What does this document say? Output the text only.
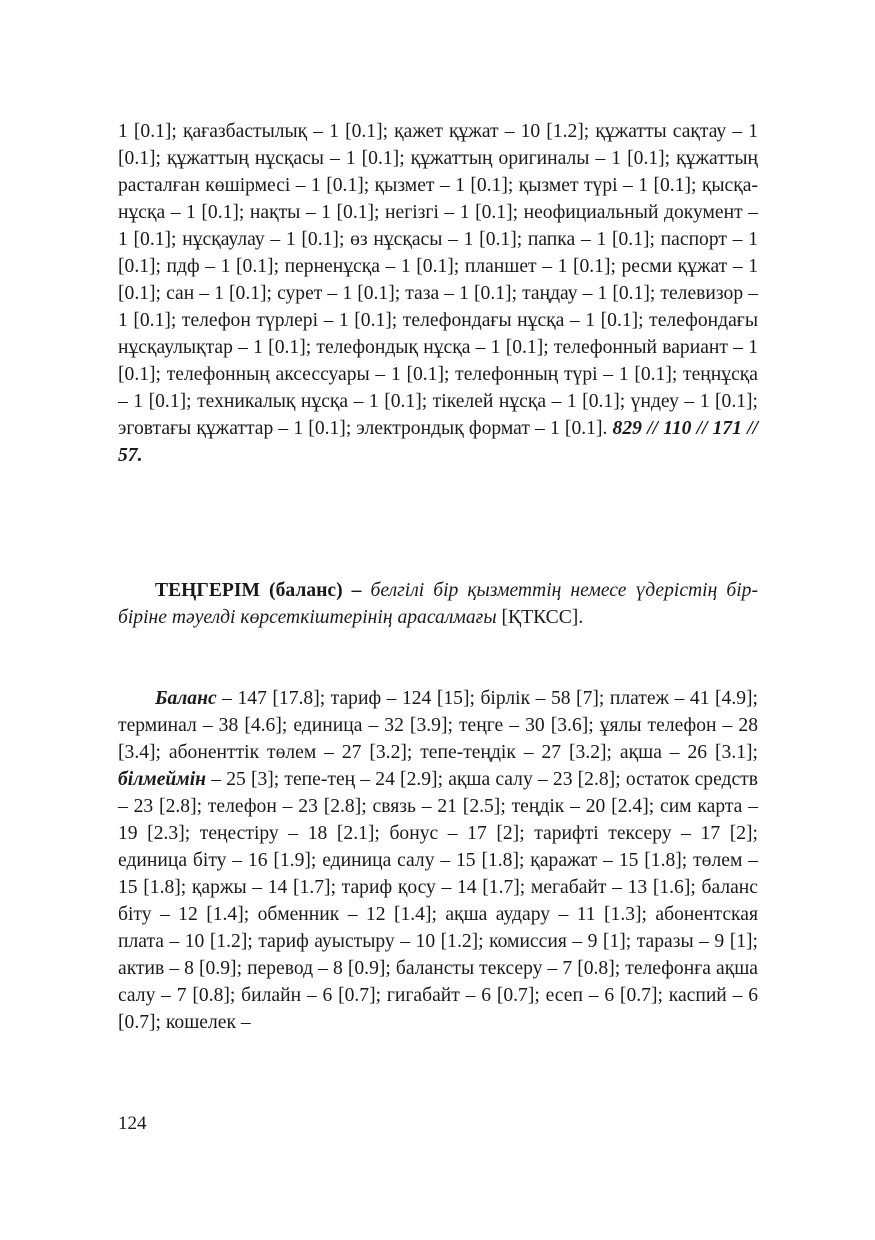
1 [0.1]; қағазбастылық – 1 [0.1]; қажет құжат – 10 [1.2]; құжатты сақтау – 1 [0.1]; құжаттың нұсқасы – 1 [0.1]; құжаттың оригиналы – 1 [0.1]; құжаттың расталған көшірмесі – 1 [0.1]; қызмет – 1 [0.1]; қызмет түрі – 1 [0.1]; қысқа-нұсқа – 1 [0.1]; нақты – 1 [0.1]; негізгі – 1 [0.1]; неофициальный документ – 1 [0.1]; нұсқаулау – 1 [0.1]; өз нұсқасы – 1 [0.1]; папка – 1 [0.1]; паспорт – 1 [0.1]; пдф – 1 [0.1]; перненұсқа – 1 [0.1]; планшет – 1 [0.1]; ресми құжат – 1 [0.1]; сан – 1 [0.1]; сурет – 1 [0.1]; таза – 1 [0.1]; таңдау – 1 [0.1]; телевизор – 1 [0.1]; телефон түрлері – 1 [0.1]; телефондағы нұсқа – 1 [0.1]; телефондағы нұсқаулықтар – 1 [0.1]; телефондық нұсқа – 1 [0.1]; телефонный вариант – 1 [0.1]; телефонның аксессуары – 1 [0.1]; телефонның түрі – 1 [0.1]; теңнұсқа – 1 [0.1]; техникалық нұсқа – 1 [0.1]; тікелей нұсқа – 1 [0.1]; үндеу – 1 [0.1]; эговтағы құжаттар – 1 [0.1]; электрондық формат – 1 [0.1]. 829 // 110 // 171 // 57.

ТЕҢГЕРІМ (баланс) – белгілі бір қызметтің немесе үдерістің бір-біріне тәуелді көрсеткіштерінің арасалмағы [ҚТКСС].

Баланс – 147 [17.8]; тариф – 124 [15]; бірлік – 58 [7]; платеж – 41 [4.9]; терминал – 38 [4.6]; единица – 32 [3.9]; теңге – 30 [3.6]; ұялы телефон – 28 [3.4]; абоненттік төлем – 27 [3.2]; тепе-теңдік – 27 [3.2]; ақша – 26 [3.1]; білмеймін – 25 [3]; тепе-тең – 24 [2.9]; ақша салу – 23 [2.8]; остаток средств – 23 [2.8]; телефон – 23 [2.8]; связь – 21 [2.5]; теңдік – 20 [2.4]; сим карта – 19 [2.3]; теңестіру – 18 [2.1]; бонус – 17 [2]; тарифті тексеру – 17 [2]; единица біту – 16 [1.9]; единица салу – 15 [1.8]; қаражат – 15 [1.8]; төлем – 15 [1.8]; қаржы – 14 [1.7]; тариф қосу – 14 [1.7]; мегабайт – 13 [1.6]; баланс біту – 12 [1.4]; обменник – 12 [1.4]; ақша аудару – 11 [1.3]; абонентская плата – 10 [1.2]; тариф ауыстыру – 10 [1.2]; комиссия – 9 [1]; таразы – 9 [1]; актив – 8 [0.9]; перевод – 8 [0.9]; балансты тексеру – 7 [0.8]; телефонға ақша салу – 7 [0.8]; билайн – 6 [0.7]; гигабайт – 6 [0.7]; есеп – 6 [0.7]; каспий – 6 [0.7]; кошелек –

124
